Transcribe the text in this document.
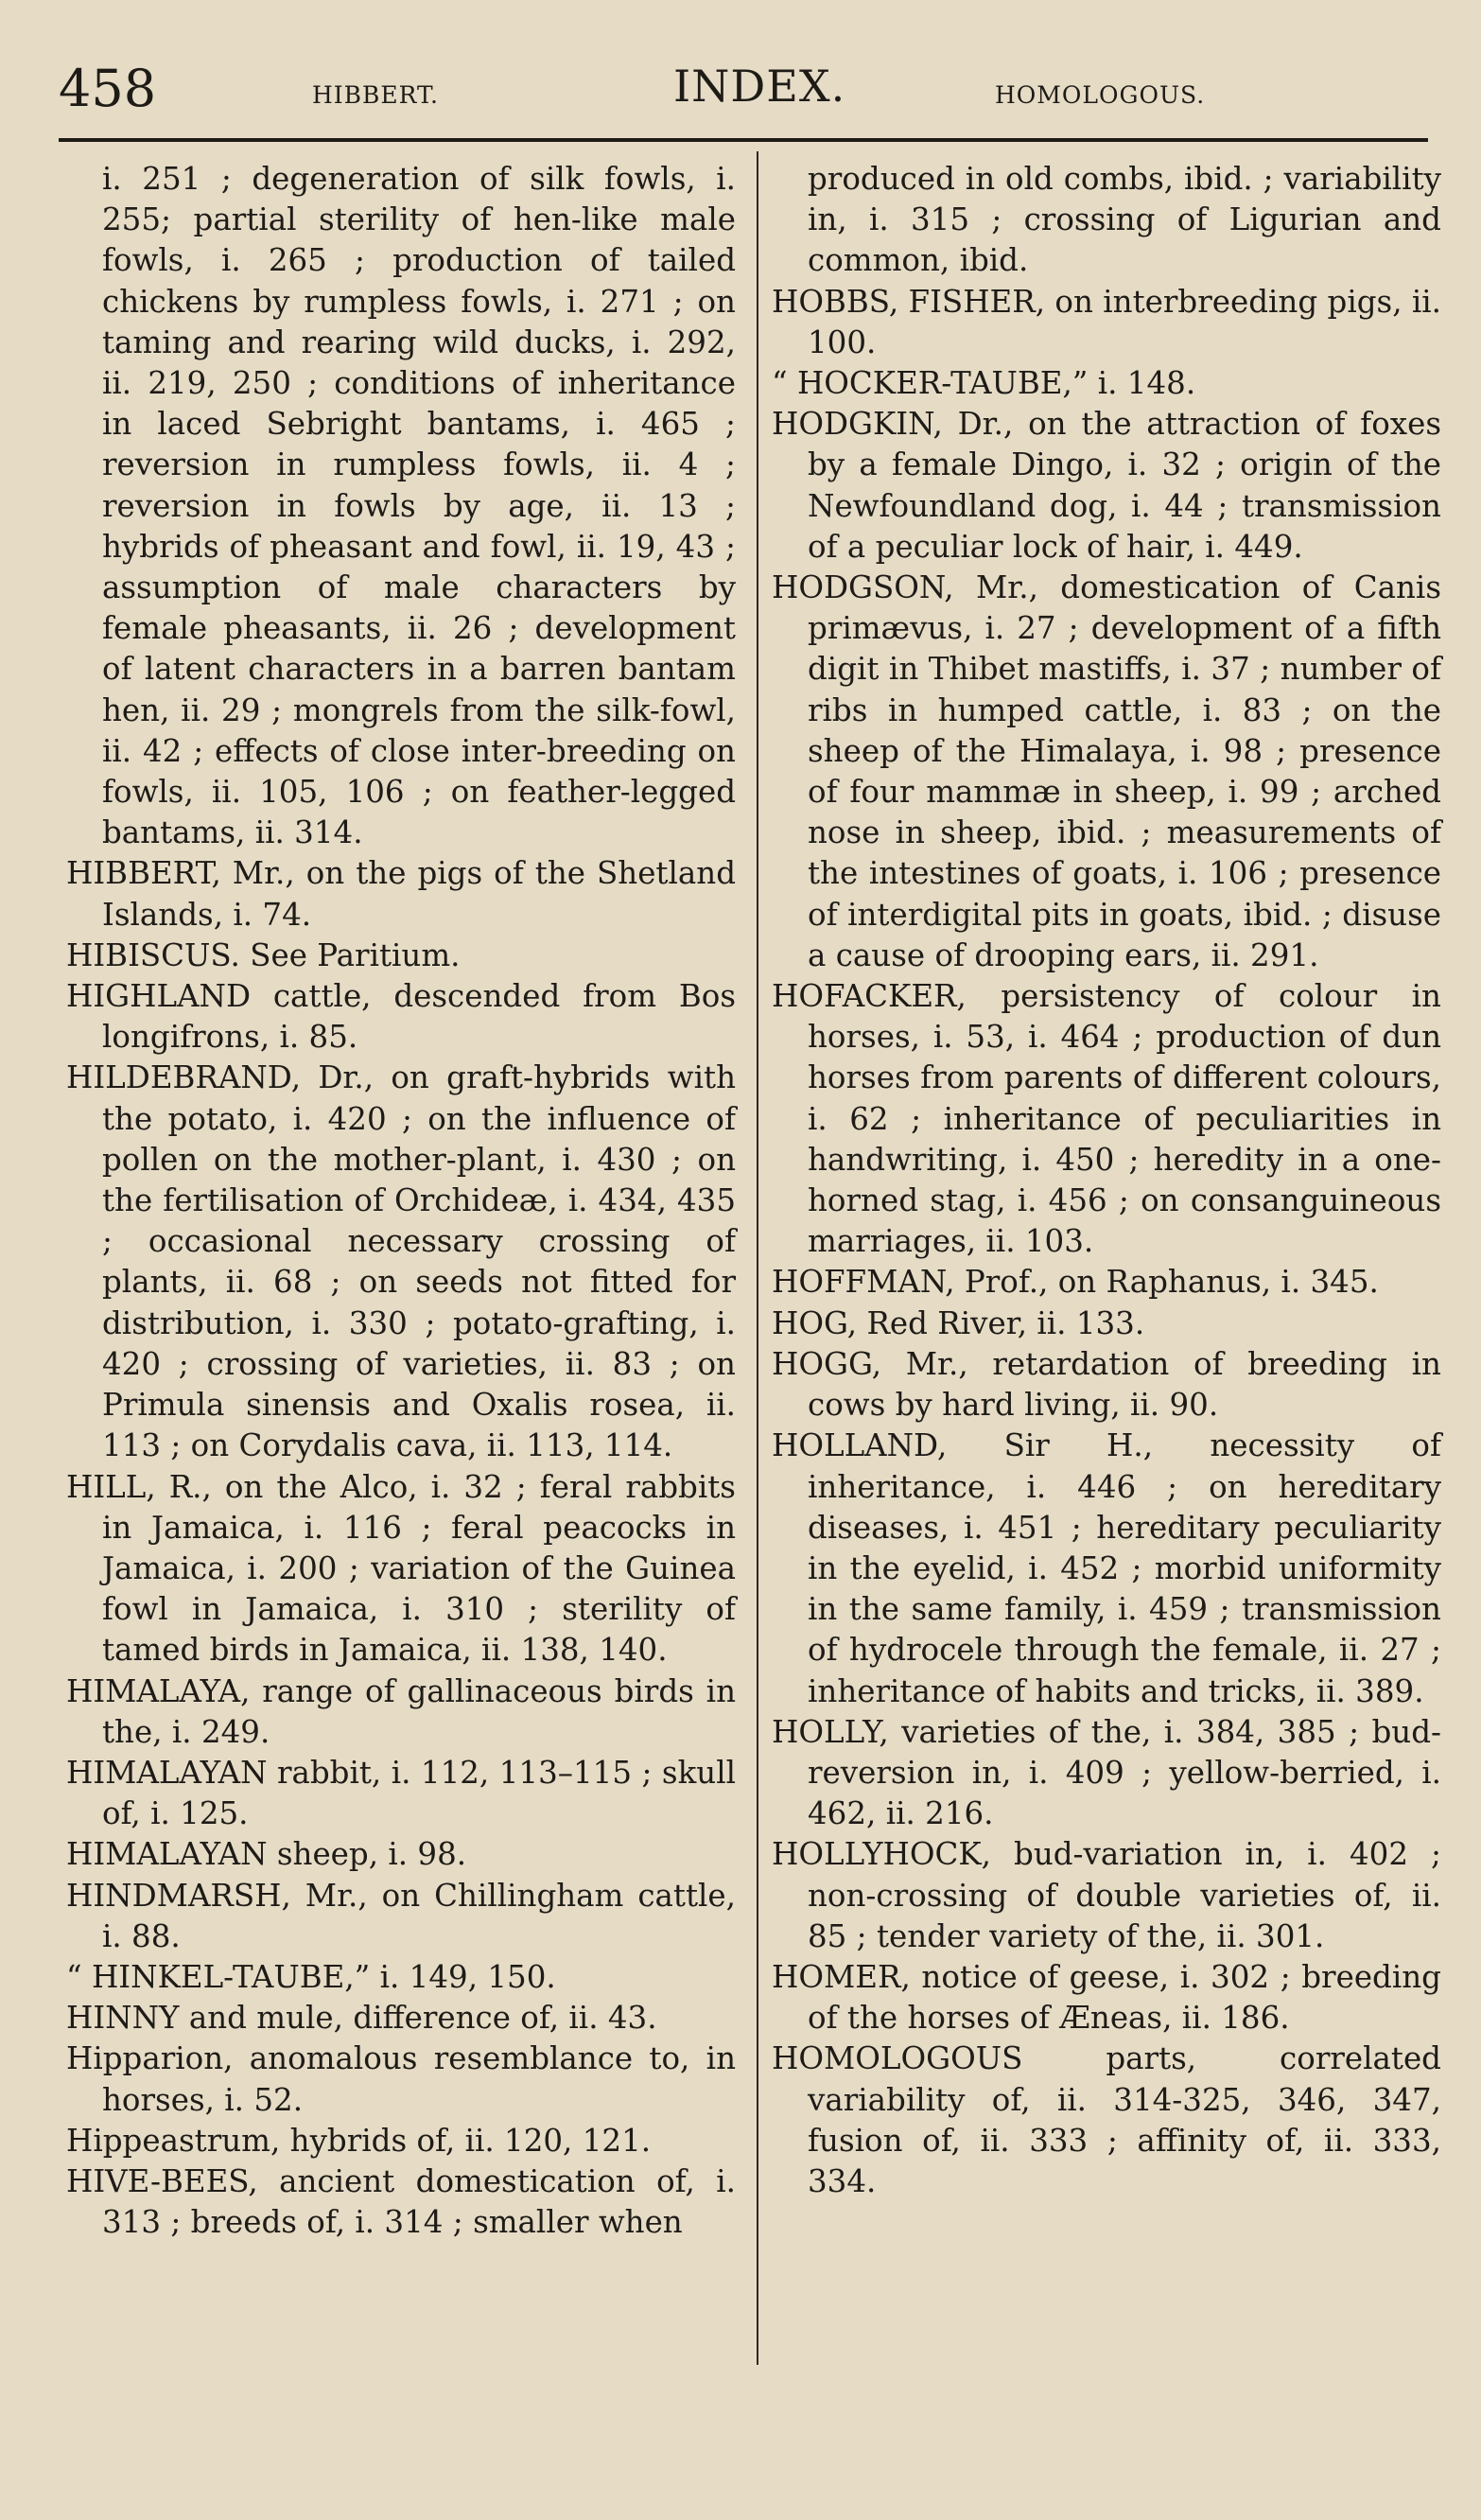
458	HIBBERT.	INDEX.	HOMOLOGOUS.

i. 251 ; degeneration of silk fowls, i. 255; partial sterility of hen-like male fowls, i. 265 ; production of tailed chickens by rumpless fowls, i. 271 ; on taming and rearing wild ducks, i. 292, ii. 219, 250 ; conditions of inheritance in laced Sebright bantams, i. 465 ; reversion in rumpless fowls, ii. 4 ; reversion in fowls by age, ii. 13 ; hybrids of pheasant and fowl, ii. 19, 43 ; assumption of male characters by female pheasants, ii. 26 ; development of latent characters in a barren bantam hen, ii. 29 ; mongrels from the silk-fowl, ii. 42 ; effects of close inter-breeding on fowls, ii. 105, 106 ; on feather-legged bantams, ii. 314.

HIBBERT, Mr., on the pigs of the Shetland Islands, i. 74.

HIBISCUS. See Paritium.

HIGHLAND cattle, descended from Bos longifrons, i. 85.

HILDEBRAND, Dr., on graft-hybrids with the potato, i. 420 ; on the influence of pollen on the mother-plant, i. 430 ; on the fertilisation of Orchideæ, i. 434, 435 ; occasional necessary crossing of plants, ii. 68 ; on seeds not fitted for distribution, i. 330 ; potato-grafting, i. 420 ; crossing of varieties, ii. 83 ; on Primula sinensis and Oxalis rosea, ii. 113 ; on Corydalis cava, ii. 113, 114.

HILL, R., on the Alco, i. 32 ; feral rabbits in Jamaica, i. 116 ; feral peacocks in Jamaica, i. 200 ; variation of the Guinea fowl in Jamaica, i. 310 ; sterility of tamed birds in Jamaica, ii. 138, 140.

HIMALAYA, range of gallinaceous birds in the, i. 249.

HIMALAYAN rabbit, i. 112, 113–115 ; skull of, i. 125.

HIMALAYAN sheep, i. 98.

HINDMARSH, Mr., on Chillingham cattle, i. 88.

“ HINKEL-TAUBE,” i. 149, 150.

HINNY and mule, difference of, ii. 43.

Hipparion, anomalous resemblance to, in horses, i. 52.

Hippeastrum, hybrids of, ii. 120, 121.

HIVE-BEES, ancient domestication of, i. 313 ; breeds of, i. 314 ; smaller when

produced in old combs, ibid. ; variability in, i. 315 ; crossing of Ligurian and common, ibid.

HOBBS, FISHER, on interbreeding pigs, ii. 100.

“ HOCKER-TAUBE,” i. 148.

HODGKIN, Dr., on the attraction of foxes by a female Dingo, i. 32 ; origin of the Newfoundland dog, i. 44 ; transmission of a peculiar lock of hair, i. 449.

HODGSON, Mr., domestication of Canis primævus, i. 27 ; development of a fifth digit in Thibet mastiffs, i. 37 ; number of ribs in humped cattle, i. 83 ; on the sheep of the Himalaya, i. 98 ; presence of four mammæ in sheep, i. 99 ; arched nose in sheep, ibid. ; measurements of the intestines of goats, i. 106 ; presence of interdigital pits in goats, ibid. ; disuse a cause of drooping ears, ii. 291.

HOFACKER, persistency of colour in horses, i. 53, i. 464 ; production of dun horses from parents of different colours, i. 62 ; inheritance of peculiarities in handwriting, i. 450 ; heredity in a one-horned stag, i. 456 ; on consanguineous marriages, ii. 103.

HOFFMAN, Prof., on Raphanus, i. 345.

HOG, Red River, ii. 133.

HOGG, Mr., retardation of breeding in cows by hard living, ii. 90.

HOLLAND, Sir H., necessity of inheritance, i. 446 ; on hereditary diseases, i. 451 ; hereditary peculiarity in the eyelid, i. 452 ; morbid uniformity in the same family, i. 459 ; transmission of hydrocele through the female, ii. 27 ; inheritance of habits and tricks, ii. 389.

HOLLY, varieties of the, i. 384, 385 ; bud-reversion in, i. 409 ; yellow-berried, i. 462, ii. 216.

HOLLYHOCK, bud-variation in, i. 402 ; non-crossing of double varieties of, ii. 85 ; tender variety of the, ii. 301.

HOMER, notice of geese, i. 302 ; breeding of the horses of Æneas, ii. 186.

HOMOLOGOUS parts, correlated variability of, ii. 314-325, 346, 347, fusion of, ii. 333 ; affinity of, ii. 333, 334.
